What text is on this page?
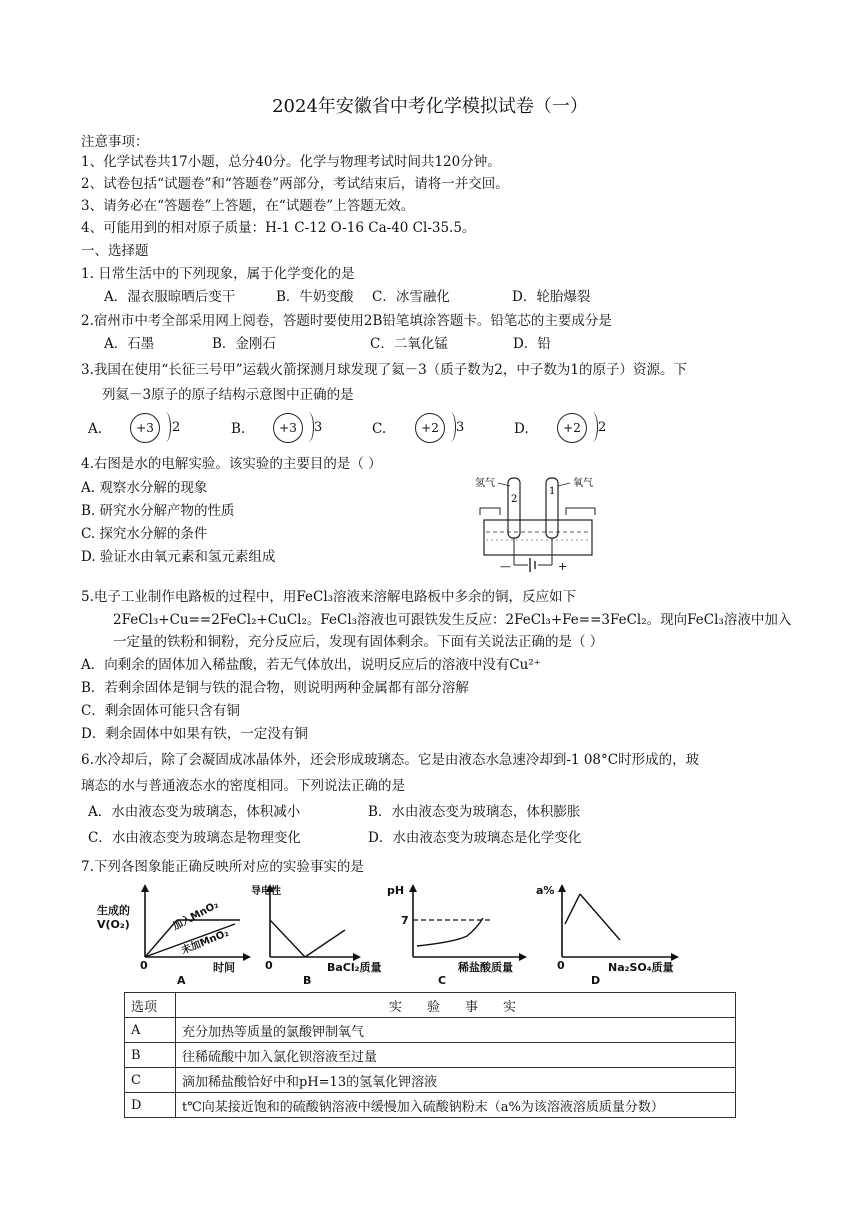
2024年安徽省中考化学模拟试卷（一）
注意事项：
1、化学试卷共17小题，总分40分。化学与物理考试时间共120分钟。
2、试卷包括“试题卷”和“答题卷”两部分，考试结束后，请将一并交回。
3、请务必在“答题卷”上答题，在“试题卷”上答题无效。
4、可能用到的相对原子质量：H-1 C-12 O-16 Ca-40 Cl-35.5。
一、选择题
1. 日常生活中的下列现象，属于化学变化的是
A．湿衣服晾晒后变干	B．牛奶变酸 C．冰雪融化	D．轮胎爆裂
2.宿州市中考全部采用网上阅卷，答题时要使用2B铅笔填涂答题卡。铅笔芯的主要成分是
A．石墨	B．金刚石	C．二氧化锰	D．铅
3.我国在使用“长征三号甲”运载火箭探测月球发现了氦－3（质子数为2，中子数为1的原子）资源。下
列氦－3原子的原子结构示意图中正确的是
A.	+3	2	B.	+3	3	C.	+2	3	D.	+2	2
4.右图是水的电解实验。该实验的主要目的是（ ）
A. 观察水分解的现象
B. 研究水分解产物的性质
C. 探究水分解的条件
D. 验证水由氧元素和氢元素组成
氢气	氧气
2
1
—	+
5.电子工业制作电路板的过程中，用FeCl₃溶液来溶解电路板中多余的铜，反应如下
2FeCl₃+Cu==2FeCl₂+CuCl₂。FeCl₃溶液也可跟铁发生反应：2FeCl₃+Fe==3FeCl₂。现向FeCl₃溶液中加入
一定量的铁粉和铜粉，充分反应后，发现有固体剩余。下面有关说法正确的是（ ）
A．向剩余的固体加入稀盐酸，若无气体放出，说明反应后的溶液中没有Cu²⁺
B．若剩余固体是铜与铁的混合物，则说明两种金属都有部分溶解
C．剩余固体可能只含有铜
D．剩余固体中如果有铁，一定没有铜
6.水冷却后，除了会凝固成冰晶体外，还会形成玻璃态。它是由液态水急速冷却到-1 08°C时形成的，玻
璃态的水与普通液态水的密度相同。下列说法正确的是
A．水由液态变为玻璃态，体积减小	B．水由液态变为玻璃态，体积膨胀
C．水由液态变为玻璃态是物理变化	D．水由液态变为玻璃态是化学变化
7.下列各图象能正确反映所对应的实验事实的是
生成的
V(O₂)	加入MnO₂
未加MnO₂
0	时间
A
导电性
0	BaCl₂质量
B
pH
7
稀盐酸质量
C
a%
0	Na₂SO₄质量
D
选项	实　验　事　实
A	充分加热等质量的氯酸钾制氧气
B	往稀硫酸中加入氯化钡溶液至过量
C	滴加稀盐酸恰好中和pH=13的氢氧化钾溶液
D	t℃向某接近饱和的硫酸钠溶液中缓慢加入硫酸钠粉末（a%为该溶液溶质质量分数）
